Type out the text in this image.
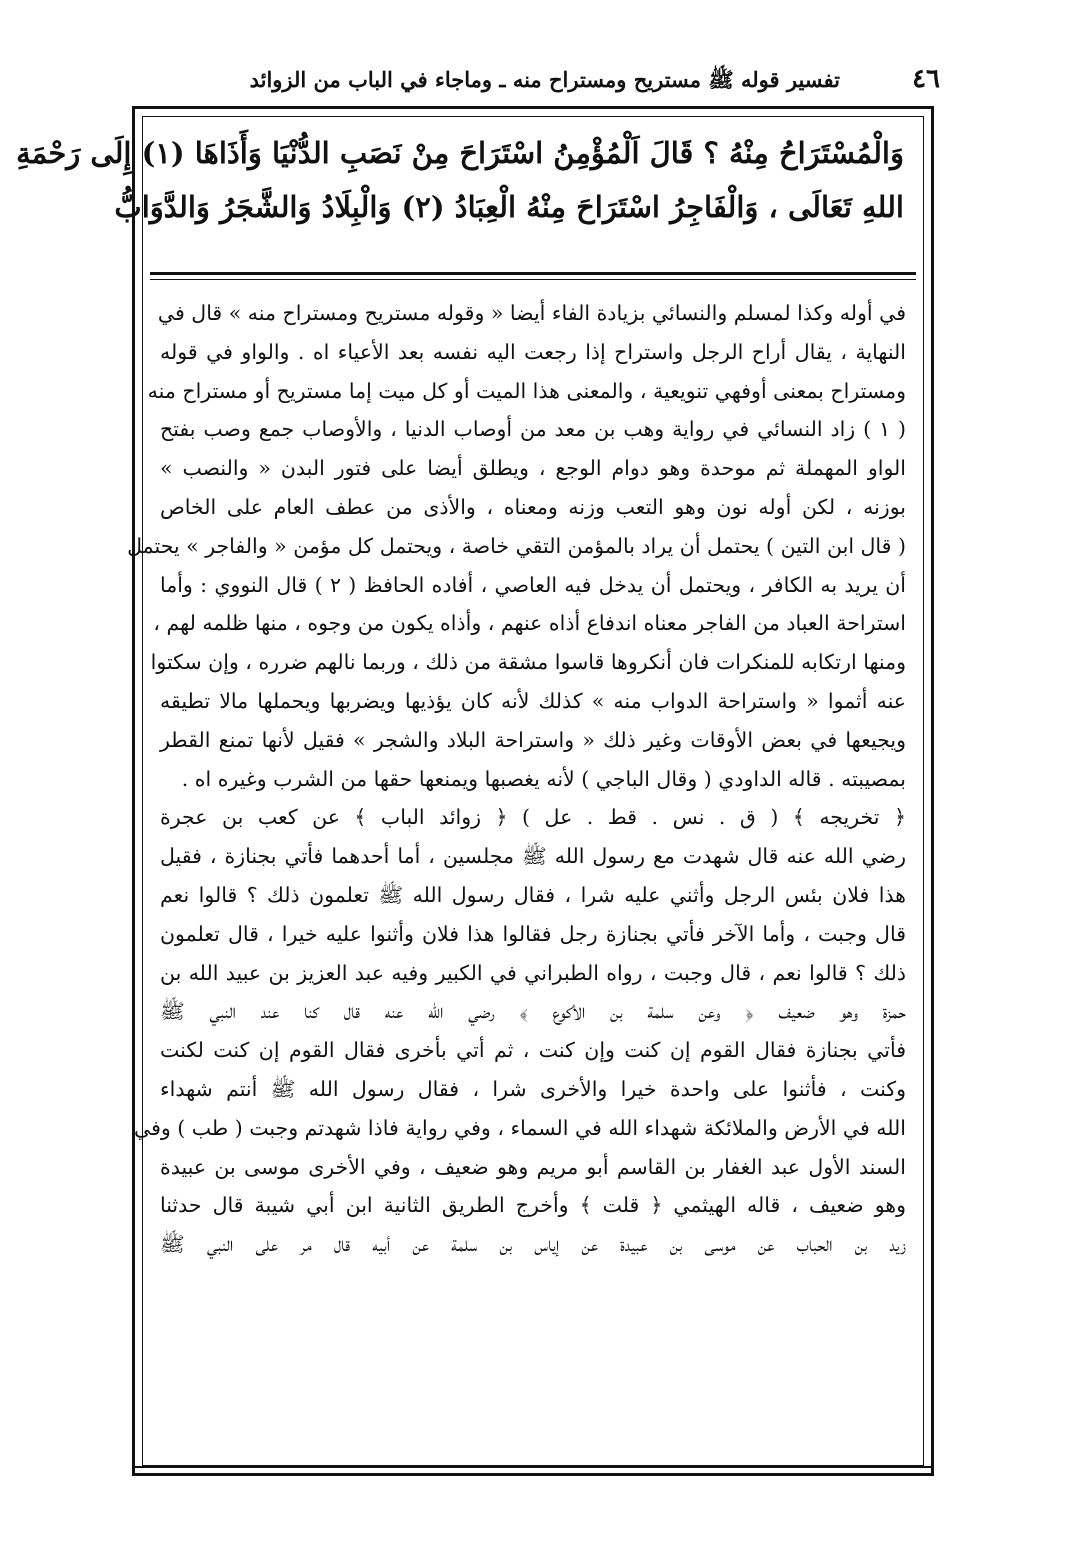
٤٦
تفسير قوله ﷺ مستريح ومستراح منه ـ وماجاء في الباب من الزوائد
وَالْمُسْتَرَاحُ مِنْهُ ؟ قَالَ اَلْمُؤْمِنُ اسْتَرَاحَ مِنْ نَصَبِ الدُّنْيَا وَأَذَاهَا (١) إِلَى رَحْمَةِ
اللهِ تَعَالَى ، وَالْفَاجِرُ اسْتَرَاحَ مِنْهُ الْعِبَادُ (٢) وَالْبِلَادُ وَالشَّجَرُ وَالدَّوَابُّ
في أوله وكذا لمسلم والنسائي بزيادة الفاء أيضا « وقوله مستريح ومستراح منه » قال في
النهاية ، يقال أراح الرجل واستراح إذا رجعت اليه نفسه بعد الأعياء اه . والواو في قوله
ومستراح بمعنى أوفهي تنويعية ، والمعنى هذا الميت أو كل ميت إما مستريح أو مستراح منه
( ١ ) زاد النسائي في رواية وهب بن معد من أوصاب الدنيا ، والأوصاب جمع وصب بفتح
الواو المهملة ثم موحدة وهو دوام الوجع ، ويطلق أيضا على فتور البدن « والنصب »
بوزنه ، لكن أوله نون وهو التعب وزنه ومعناه ، والأذى من عطف العام على الخاص
( قال ابن التين ) يحتمل أن يراد بالمؤمن التقي خاصة ، ويحتمل كل مؤمن « والفاجر » يحتمل
أن يريد به الكافر ، ويحتمل أن يدخل فيه العاصي ، أفاده الحافظ ( ٢ ) قال النووي : وأما
استراحة العباد من الفاجر معناه اندفاع أذاه عنهم ، وأذاه يكون من وجوه ، منها ظلمه لهم ،
ومنها ارتكابه للمنكرات فان أنكروها قاسوا مشقة من ذلك ، وربما نالهم ضرره ، وإن سكتوا
عنه أثموا « واستراحة الدواب منه » كذلك لأنه كان يؤذيها ويضربها ويحملها مالا تطيقه
ويجيعها في بعض الأوقات وغير ذلك « واستراحة البلاد والشجر » فقيل لأنها تمنع القطر
بمصيبته . قاله الداودي ( وقال الباجي ) لأنه يغصبها ويمنعها حقها من الشرب وغيره اه .
﴿ تخريجه ﴾ ( ق . نس . قط . عل ) ﴿ زوائد الباب ﴾ عن كعب بن عجرة
رضي الله عنه قال شهدت مع رسول الله ﷺ مجلسين ، أما أحدهما فأتي بجنازة ، فقيل
هذا فلان بئس الرجل وأثني عليه شرا ، فقال رسول الله ﷺ تعلمون ذلك ؟ قالوا نعم
قال وجبت ، وأما الآخر فأتي بجنازة رجل فقالوا هذا فلان وأثنوا عليه خيرا ، قال تعلمون
ذلك ؟ قالوا نعم ، قال وجبت ، رواه الطبراني في الكبير وفيه عبد العزيز بن عبيد الله بن
حمزة وهو ضعيف ﴿ وعن سلمة بن الأكوع ﴾ رضي الله عنه قال كنا عند النبي ﷺ
فأتي بجنازة فقال القوم إن كنت وإن كنت ، ثم أتي بأخرى فقال القوم إن كنت لكنت
وكنت ، فأثنوا على واحدة خيرا والأخرى شرا ، فقال رسول الله ﷺ أنتم شهداء
الله في الأرض والملائكة شهداء الله في السماء ، وفي رواية فاذا شهدتم وجبت ( طب ) وفي
السند الأول عبد الغفار بن القاسم أبو مريم وهو ضعيف ، وفي الأخرى موسى بن عبيدة
وهو ضعيف ، قاله الهيثمي ﴿ قلت ﴾ وأخرج الطريق الثانية ابن أبي شيبة قال حدثنا
زيد بن الحباب عن موسى بن عبيدة عن إياس بن سلمة عن أبيه قال مر على النبي ﷺ
